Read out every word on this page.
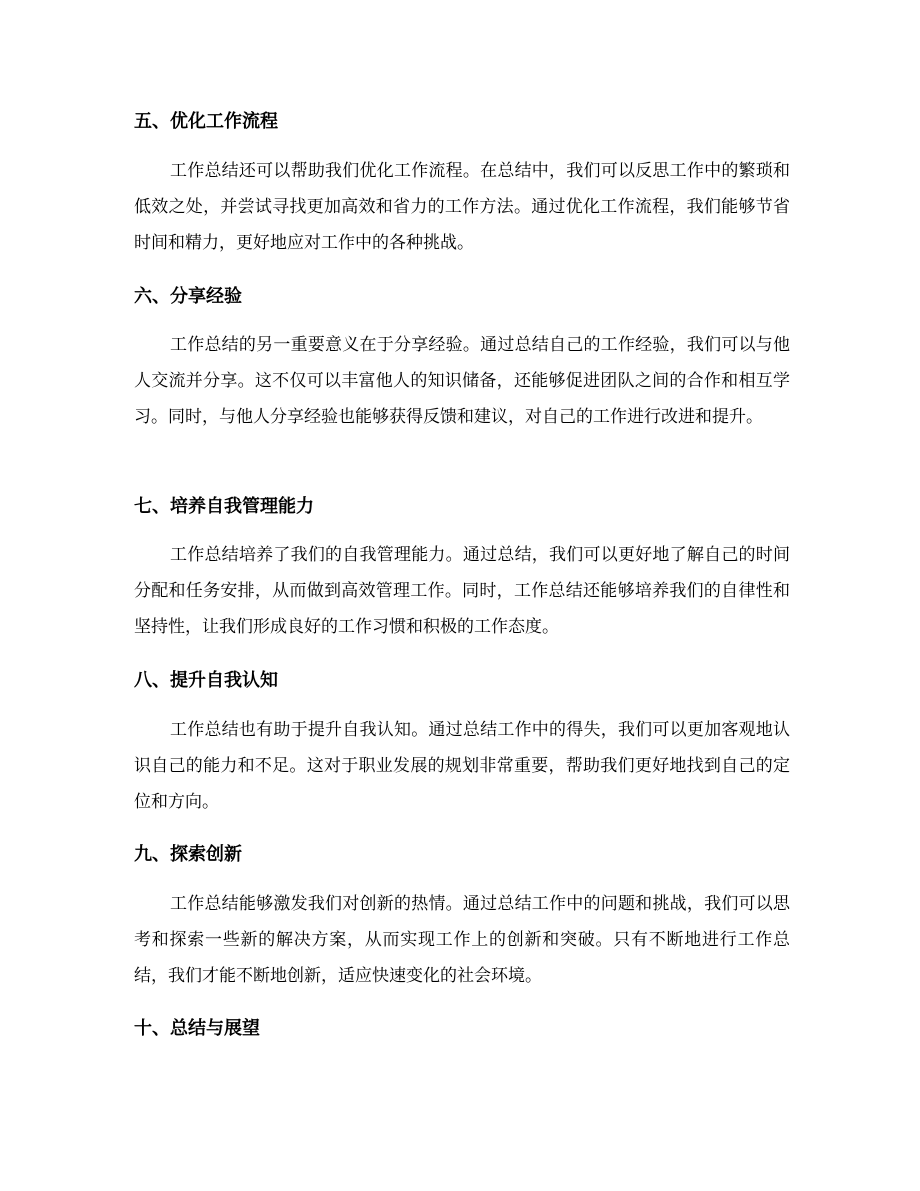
五、优化工作流程

工作总结还可以帮助我们优化工作流程。在总结中，我们可以反思工作中的繁琐和低效之处，并尝试寻找更加高效和省力的工作方法。通过优化工作流程，我们能够节省时间和精力，更好地应对工作中的各种挑战。

六、分享经验

工作总结的另一重要意义在于分享经验。通过总结自己的工作经验，我们可以与他人交流并分享。这不仅可以丰富他人的知识储备，还能够促进团队之间的合作和相互学习。同时，与他人分享经验也能够获得反馈和建议，对自己的工作进行改进和提升。

七、培养自我管理能力

工作总结培养了我们的自我管理能力。通过总结，我们可以更好地了解自己的时间分配和任务安排，从而做到高效管理工作。同时，工作总结还能够培养我们的自律性和坚持性，让我们形成良好的工作习惯和积极的工作态度。

八、提升自我认知

工作总结也有助于提升自我认知。通过总结工作中的得失，我们可以更加客观地认识自己的能力和不足。这对于职业发展的规划非常重要，帮助我们更好地找到自己的定位和方向。

九、探索创新

工作总结能够激发我们对创新的热情。通过总结工作中的问题和挑战，我们可以思考和探索一些新的解决方案，从而实现工作上的创新和突破。只有不断地进行工作总结，我们才能不断地创新，适应快速变化的社会环境。

十、总结与展望
